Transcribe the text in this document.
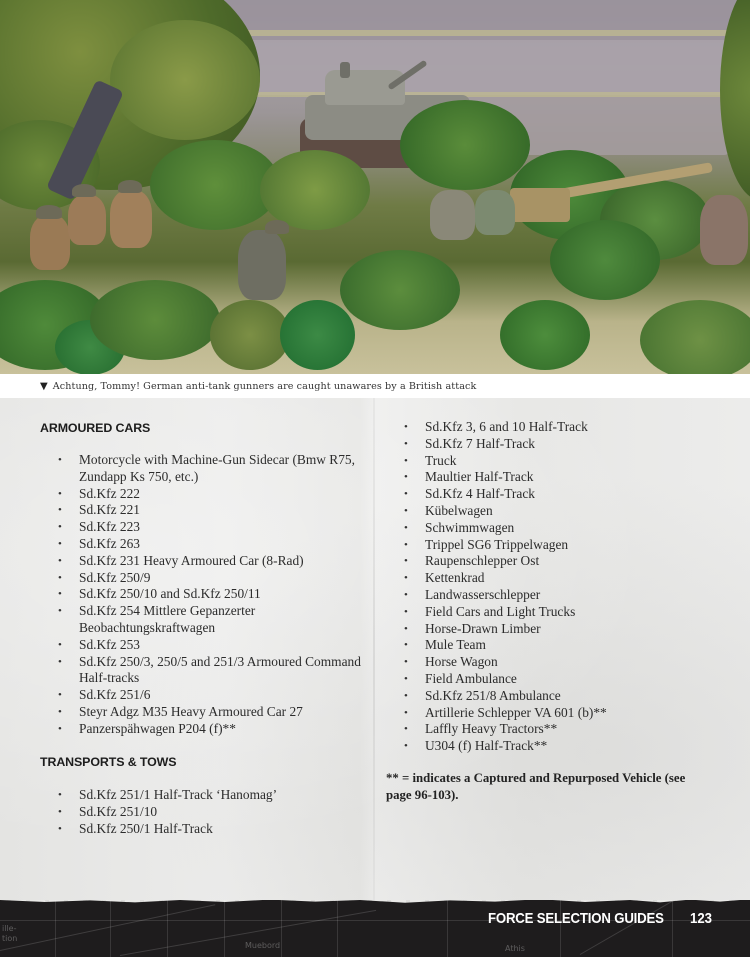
▼ Achtung, Tommy! German anti-tank gunners are caught unawares by a British attack
ARMOURED CARS
• Motorcycle with Machine-Gun Sidecar (Bmw R75,
Zundapp Ks 750, etc.)
• Sd.Kfz 222
• Sd.Kfz 221
• Sd.Kfz 223
• Sd.Kfz 263
• Sd.Kfz 231 Heavy Armoured Car (8-Rad)
• Sd.Kfz 250/9
• Sd.Kfz 250/10 and Sd.Kfz 250/11
• Sd.Kfz 254 Mittlere Gepanzerter
Beobachtungskraftwagen
• Sd.Kfz 253
• Sd.Kfz 250/3, 250/5 and 251/3 Armoured Command
Half-tracks
• Sd.Kfz 251/6
• Steyr Adgz M35 Heavy Armoured Car 27
• Panzerspähwagen P204 (f)**
TRANSPORTS & TOWS
• Sd.Kfz 251/1 Half-Track ‘Hanomag’
• Sd.Kfz 251/10
• Sd.Kfz 250/1 Half-Track
• Sd.Kfz 3, 6 and 10 Half-Track
• Sd.Kfz 7 Half-Track
• Truck
• Maultier Half-Track
• Sd.Kfz 4 Half-Track
• Kübelwagen
• Schwimmwagen
• Trippel SG6 Trippelwagen
• Raupenschlepper Ost
• Kettenkrad
• Landwasserschlepper
• Field Cars and Light Trucks
• Horse-Drawn Limber
• Mule Team
• Horse Wagon
• Field Ambulance
• Sd.Kfz 251/8 Ambulance
• Artillerie Schlepper VA 601 (b)**
• Laffly Heavy Tractors**
• U304 (f) Half-Track**
** = indicates a Captured and Repurposed Vehicle (see
page 96-103).
ille-
tion
Muebord	Athis
FORCE SELECTION GUIDES 123
